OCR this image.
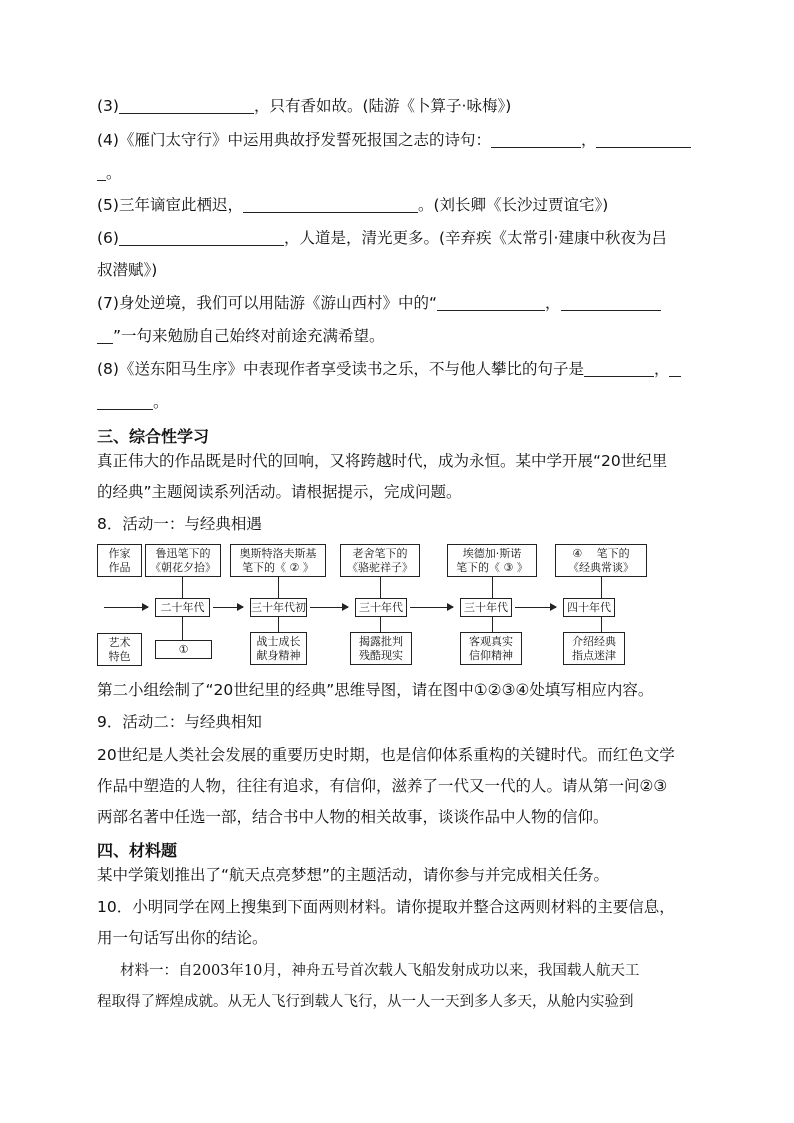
(3)	，只有香如故。(陆游《卜算子·咏梅》)
(4)《雁门太守行》中运用典故抒发誓死报国之志的诗句：	，
。
(5)三年谪宦此栖迟，	。(刘长卿《长沙过贾谊宅》)
(6)	，人道是，清光更多。(辛弃疾《太常引·建康中秋夜为吕
叔潜赋》)
(7)身处逆境，我们可以用陆游《游山西村》中的“	，
”一句来勉励自己始终对前途充满希望。
(8)《送东阳马生序》中表现作者享受读书之乐，不与他人攀比的句子是	，
。
三、综合性学习
真正伟大的作品既是时代的回响，又将跨越时代，成为永恒。某中学开展“20世纪里
的经典”主题阅读系列活动。请根据提示，完成问题。
8．活动一：与经典相遇
作家
作品
艺术
特色
鲁迅笔下的
《朝花夕拾》
奥斯特洛夫斯基
笔下的《 ② 》
老舍笔下的
《骆驼祥子》
埃德加·斯诺
笔下的《 ③ 》
④　 笔下的
《经典常谈》
二十年代	三十年代初	三十年代	三十年代	四十年代
①
战士成长
献身精神
揭露批判
残酷现实
客观真实
信仰精神
介绍经典
指点迷津
第二小组绘制了“20世纪里的经典”思维导图，请在图中①②③④处填写相应内容。
9．活动二：与经典相知
20世纪是人类社会发展的重要历史时期，也是信仰体系重构的关键时代。而红色文学
作品中塑造的人物，往往有追求，有信仰，滋养了一代又一代的人。请从第一问②③
两部名著中任选一部，结合书中人物的相关故事，谈谈作品中人物的信仰。
四、材料题
某中学策划推出了“航天点亮梦想”的主题活动，请你参与并完成相关任务。
10．小明同学在网上搜集到下面两则材料。请你提取并整合这两则材料的主要信息，
用一句话写出你的结论。
材料一：自2003年10月，神舟五号首次载人飞船发射成功以来，我国载人航天工
程取得了辉煌成就。从无人飞行到载人飞行，从一人一天到多人多天，从舱内实验到
